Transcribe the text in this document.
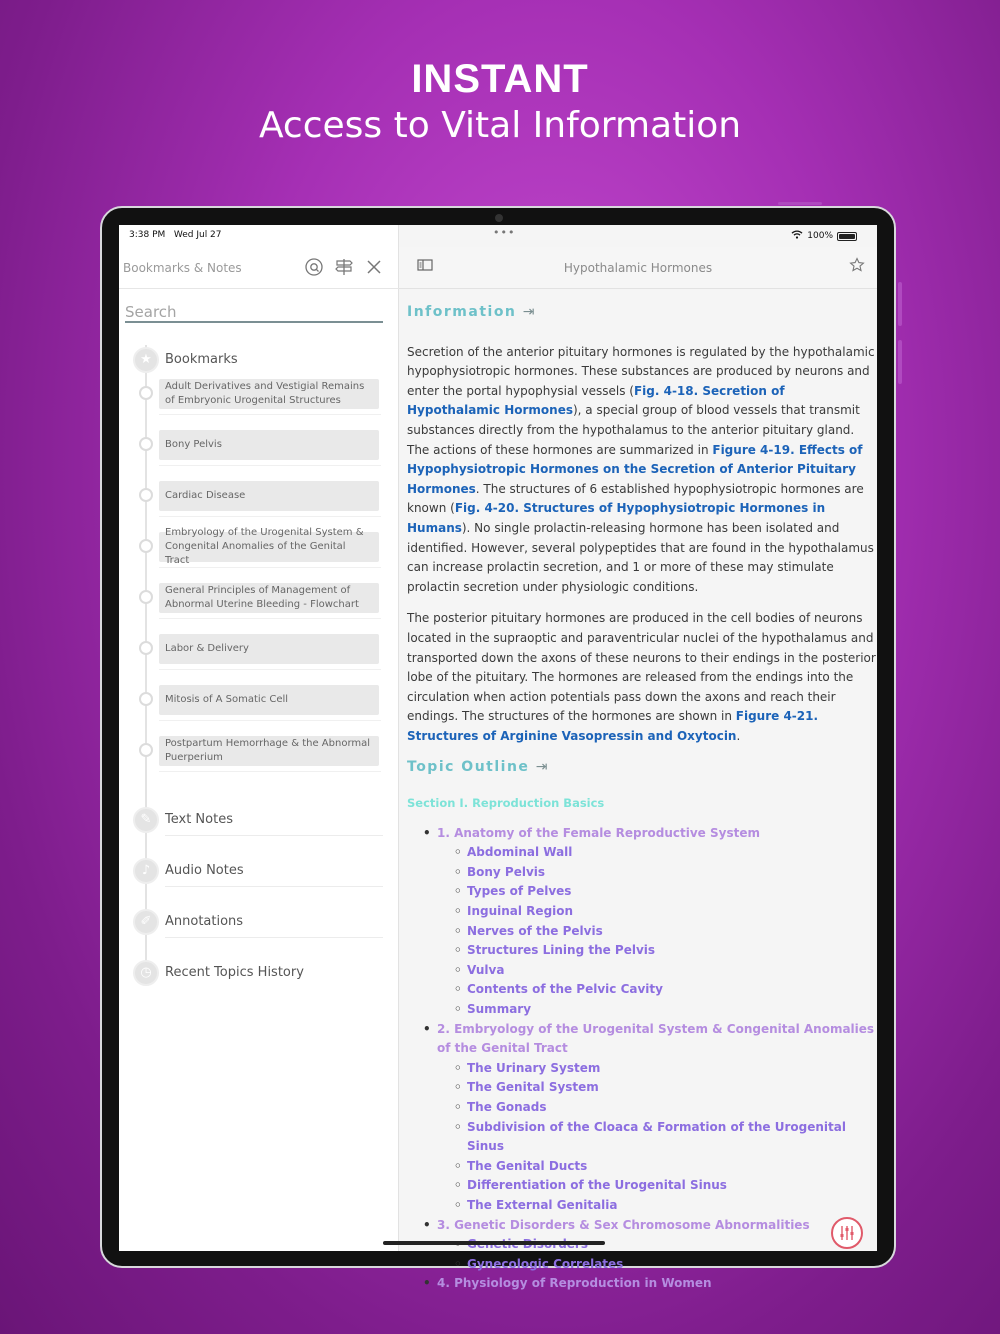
INSTANT
Access to Vital Information
Bookmarks & Notes
Search
★	Bookmarks
Adult Derivatives and Vestigial Remains of Embryonic Urogenital Structures
Bony Pelvis
Cardiac Disease
Embryology of the Urogenital System & Congenital Anomalies of the Genital Tract
General Principles of Management of Abnormal Uterine Bleeding - Flowchart
Labor & Delivery
Mitosis of A Somatic Cell
Postpartum Hemorrhage & the Abnormal Puerperium
✎	Text Notes
♪	Audio Notes
✐	Annotations
◷	Recent Topics History
Hypothalamic Hormones
Information ⇥
Secretion of the anterior pituitary hormones is regulated by the hypothalamic hypophysiotropic hormones. These substances are produced by neurons and enter the portal hypophysial vessels (Fig. 4-18. Secretion of Hypothalamic Hormones), a special group of blood vessels that transmit substances directly from the hypothalamus to the anterior pituitary gland. The actions of these hormones are summarized in Figure 4-19. Effects of Hypophysiotropic Hormones on the Secretion of Anterior Pituitary Hormones. The structures of 6 established hypophysiotropic hormones are known (Fig. 4-20. Structures of Hypophysiotropic Hormones in Humans). No single prolactin-releasing hormone has been isolated and identified. However, several polypeptides that are found in the hypothalamus can increase prolactin secretion, and 1 or more of these may stimulate prolactin secretion under physiologic conditions.
The posterior pituitary hormones are produced in the cell bodies of neurons located in the supraoptic and paraventricular nuclei of the hypothalamus and transported down the axons of these neurons to their endings in the posterior lobe of the pituitary. The hormones are released from the endings into the circulation when action potentials pass down the axons and reach their endings. The structures of the hormones are shown in Figure 4-21. Structures of Arginine Vasopressin and Oxytocin.
Topic Outline ⇥
Section I. Reproduction Basics
• 1. Anatomy of the Female Reproductive System
◦ Abdominal Wall
◦ Bony Pelvis
◦ Types of Pelves
◦ Inguinal Region
◦ Nerves of the Pelvis
◦ Structures Lining the Pelvis
◦ Vulva
◦ Contents of the Pelvic Cavity
◦ Summary
• 2. Embryology of the Urogenital System & Congenital Anomalies of the Genital Tract
◦ The Urinary System
◦ The Genital System
◦ The Gonads
◦ Subdivision of the Cloaca & Formation of the Urogenital Sinus
◦ The Genital Ducts
◦ Differentiation of the Urogenital Sinus
◦ The External Genitalia
• 3. Genetic Disorders & Sex Chromosome Abnormalities
◦
◦ Gynecologic Correlates
• 4. Physiology of Reproduction in Women
3:38 PM Wed Jul 27	•••	100%
